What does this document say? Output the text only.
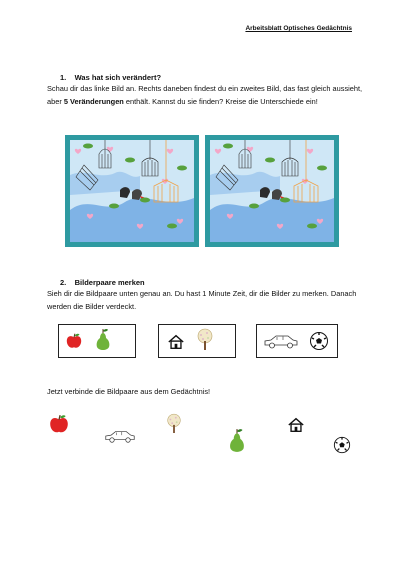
Arbeitsblatt Optisches Gedächtnis
1. Was hat sich verändert?
Schau dir das linke Bild an. Rechts daneben findest du ein zweites Bild, das fast gleich aussieht, aber 5 Veränderungen enthält. Kannst du sie finden? Kreise die Unterschiede ein!
2. Bilderpaare merken
Sieh dir die Bildpaare unten genau an. Du hast 1 Minute Zeit, dir die Bilder zu merken. Danach werden die Bilder verdeckt.
Jetzt verbinde die Bildpaare aus dem Gedächtnis!
